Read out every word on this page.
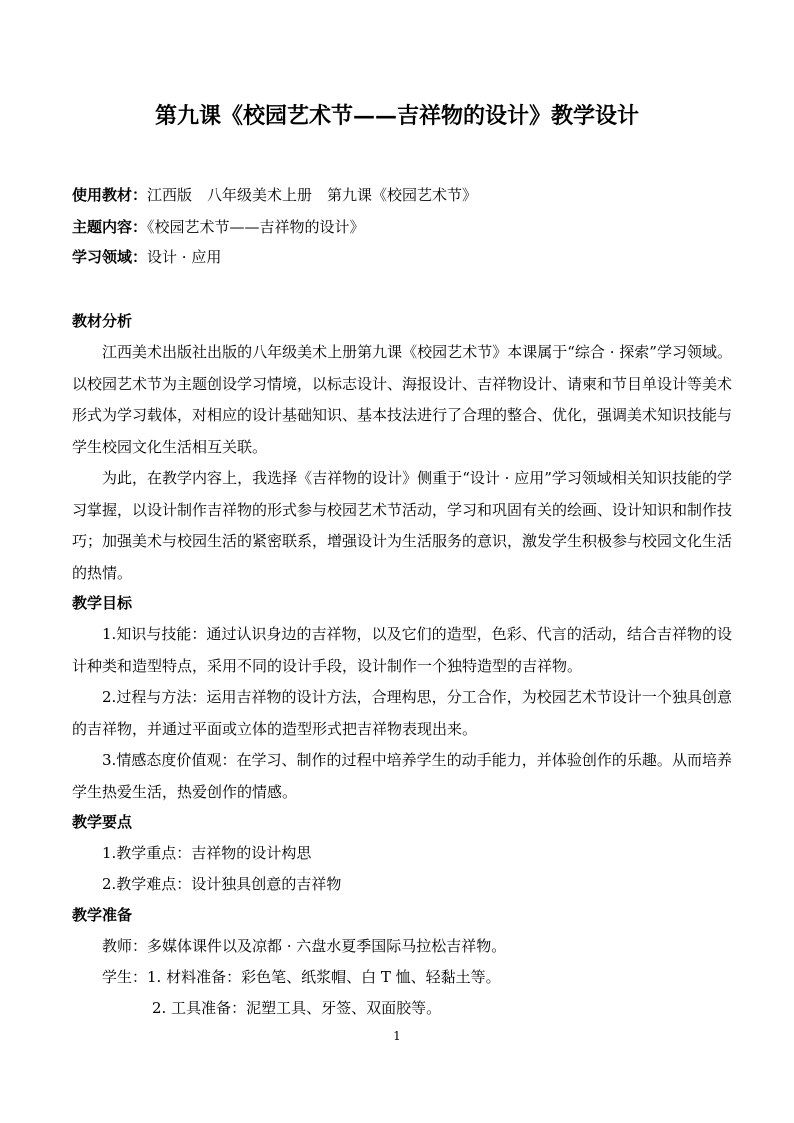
第九课《校园艺术节——吉祥物的设计》教学设计
使用教材：江西版　八年级美术上册　第九课《校园艺术节》
主题内容：《校园艺术节——吉祥物的设计》
学习领域：设计 · 应用
教材分析
江西美术出版社出版的八年级美术上册第九课《校园艺术节》本课属于“综合 · 探索”学习领域。以校园艺术节为主题创设学习情境，以标志设计、海报设计、吉祥物设计、请柬和节目单设计等美术形式为学习载体，对相应的设计基础知识、基本技法进行了合理的整合、优化，强调美术知识技能与学生校园文化生活相互关联。
为此，在教学内容上，我选择《吉祥物的设计》侧重于“设计 · 应用”学习领域相关知识技能的学习掌握，以设计制作吉祥物的形式参与校园艺术节活动，学习和巩固有关的绘画、设计知识和制作技巧；加强美术与校园生活的紧密联系，增强设计为生活服务的意识，激发学生积极参与校园文化生活的热情。
教学目标
1.知识与技能：通过认识身边的吉祥物，以及它们的造型，色彩、代言的活动，结合吉祥物的设计种类和造型特点，采用不同的设计手段，设计制作一个独特造型的吉祥物。
2.过程与方法：运用吉祥物的设计方法，合理构思，分工合作，为校园艺术节设计一个独具创意的吉祥物，并通过平面或立体的造型形式把吉祥物表现出来。
3.情感态度价值观：在学习、制作的过程中培养学生的动手能力，并体验创作的乐趣。从而培养学生热爱生活，热爱创作的情感。
教学要点
1.教学重点：吉祥物的设计构思
2.教学难点：设计独具创意的吉祥物
教学准备
教师：多媒体课件以及凉都 · 六盘水夏季国际马拉松吉祥物。
学生：1. 材料准备：彩色笔、纸浆帽、白 T 恤、轻黏土等。
2. 工具准备：泥塑工具、牙签、双面胶等。
1
